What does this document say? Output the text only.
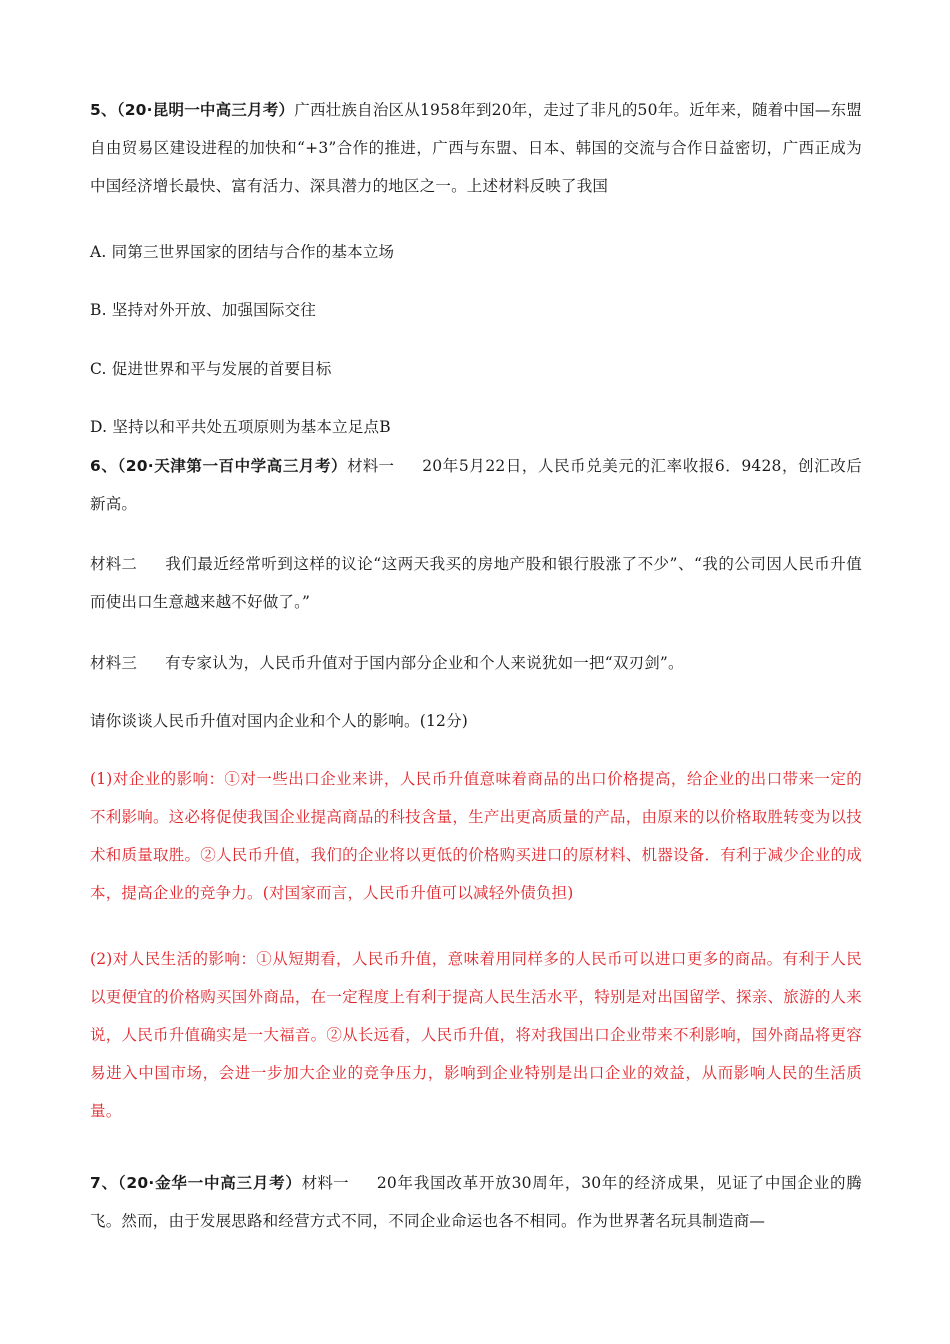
5、（20·昆明一中高三月考）广西壮族自治区从1958年到20年，走过了非凡的50年。近年来，随着中国—东盟自由贸易区建设进程的加快和“+3”合作的推进，广西与东盟、日本、韩国的交流与合作日益密切，广西正成为中国经济增长最快、富有活力、深具潜力的地区之一。上述材料反映了我国
A. 同第三世界国家的团结与合作的基本立场
B. 坚持对外开放、加强国际交往
C. 促进世界和平与发展的首要目标
D. 坚持以和平共处五项原则为基本立足点B
6、（20·天津第一百中学高三月考）材料一 20年5月22日，人民币兑美元的汇率收报6．9428，创汇改后新高。
材料二 我们最近经常听到这样的议论“这两天我买的房地产股和银行股涨了不少”、“我的公司因人民币升值而使出口生意越来越不好做了。”
材料三 有专家认为，人民币升值对于国内部分企业和个人来说犹如一把“双刃剑”。
请你谈谈人民币升值对国内企业和个人的影响。(12分)
(1)对企业的影响：①对一些出口企业来讲，人民币升值意味着商品的出口价格提高，给企业的出口带来一定的不利影响。这必将促使我国企业提高商品的科技含量，生产出更高质量的产品，由原来的以价格取胜转变为以技术和质量取胜。②人民币升值，我们的企业将以更低的价格购买进口的原材料、机器设备．有利于减少企业的成本，提高企业的竞争力。(对国家而言，人民币升值可以减轻外债负担)
(2)对人民生活的影响：①从短期看，人民币升值，意味着用同样多的人民币可以进口更多的商品。有利于人民以更便宜的价格购买国外商品，在一定程度上有利于提高人民生活水平，特别是对出国留学、探亲、旅游的人来说，人民币升值确实是一大福音。②从长远看，人民币升值，将对我国出口企业带来不利影响，国外商品将更容易进入中国市场，会进一步加大企业的竞争压力，影响到企业特别是出口企业的效益，从而影响人民的生活质量。
7、（20·金华一中高三月考）材料一 20年我国改革开放30周年，30年的经济成果，见证了中国企业的腾飞。然而，由于发展思路和经营方式不同，不同企业命运也各不相同。作为世界著名玩具制造商—
